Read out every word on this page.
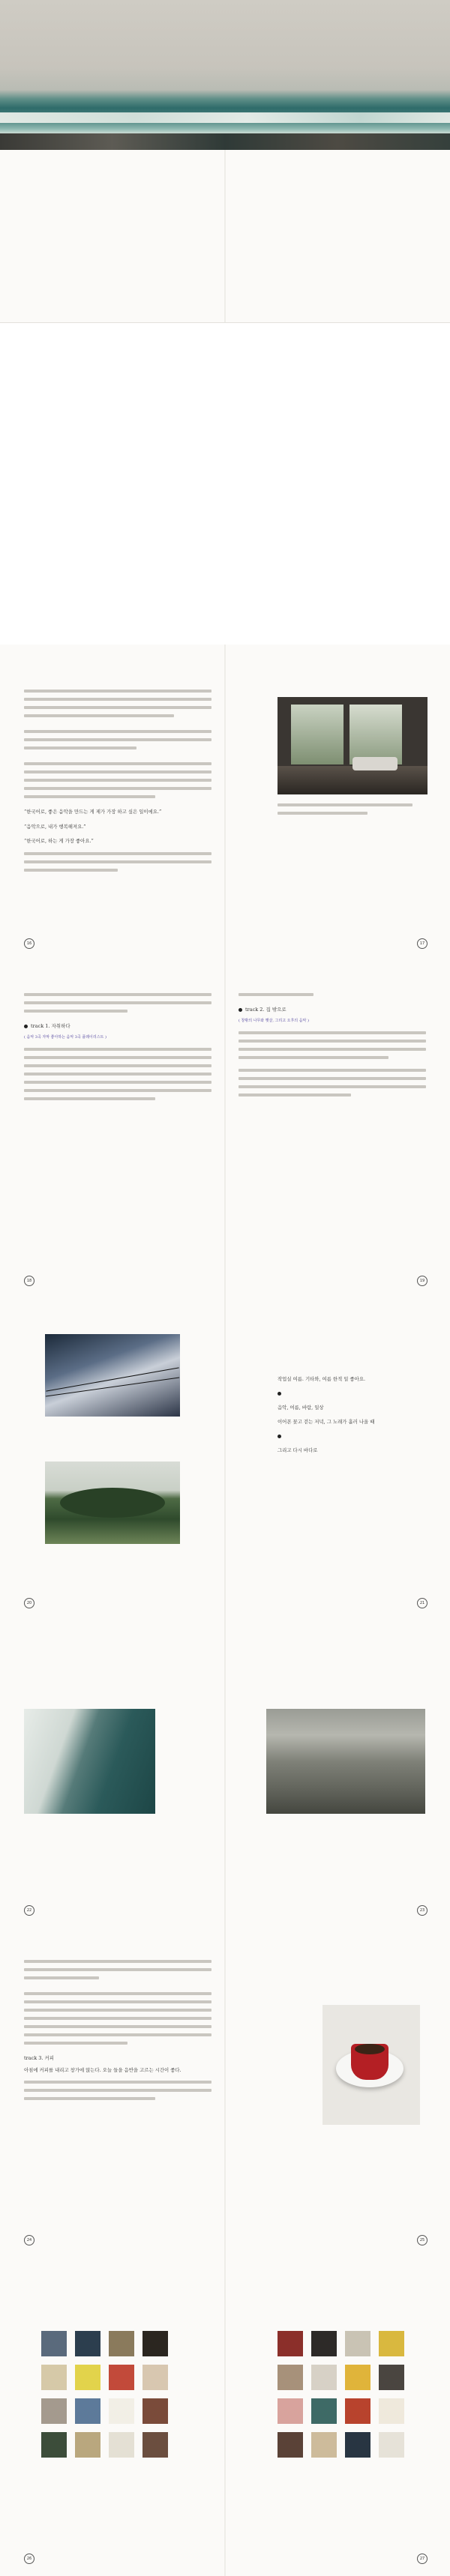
“한국어로, 좋은 음악을 만드는 게 제가 가장 하고 싶은 일이에요.”

“음악으로, 내가 행복해져요.”

“한국어로, 하는 게 가장 좋아요.”

16	17
track 1. 자취하다
( 음악 3곡 자막 좋아하는 음악 3곡 플레이리스트 )
18
track 2. 집 밖으로
( 창밖의 나무와 햇살, 그리고 오후의 음악 )
19
20

작업실 여름. 기타와, 여름 한적 일 좋아요.

음악, 여름, 바람, 일상

이어폰 꽂고 걷는 저녁, 그 노래가 흘러 나올 때

그리고 다시 바다로

21
22	23
track 3. 커피

아침에 커피를 내리고 창가에 앉는다. 오늘 들을 음반을 고르는 시간이 좋다.

24	25
26	27
